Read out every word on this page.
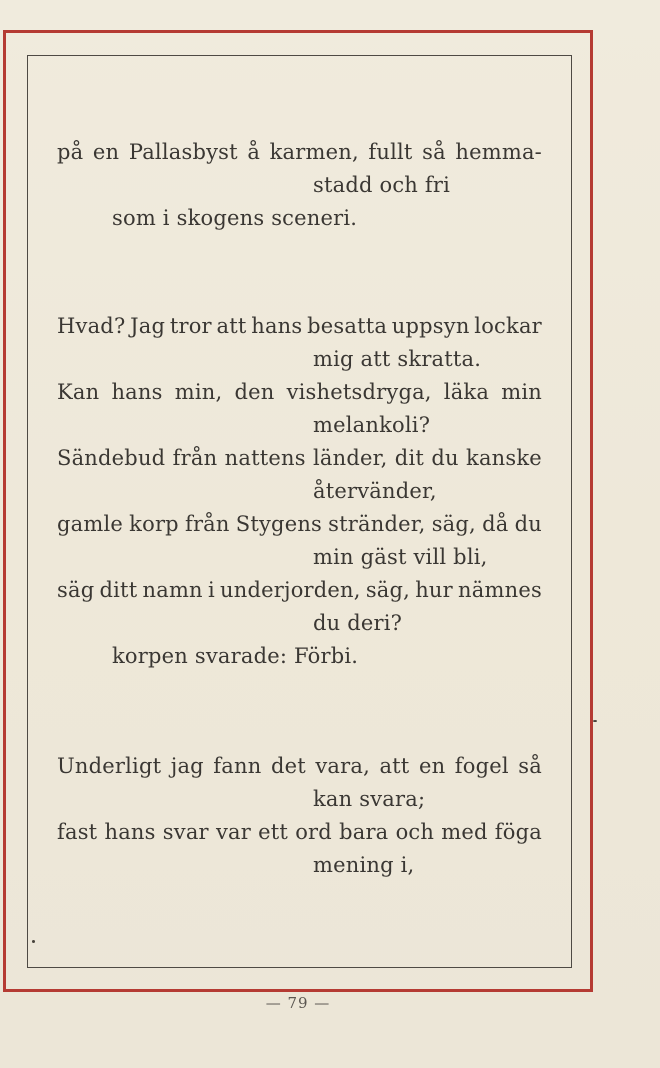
på en Pallasbyst å karmen, fullt så hemma-
stadd och fri
som i skogens sceneri.
Hvad? Jag tror att hans besatta uppsyn lockar
mig att skratta.
Kan hans min, den vishetsdryga, läka min
melankoli?
Sändebud från nattens länder, dit du kanske
återvänder,
gamle korp från Stygens stränder, säg, då du
min gäst vill bli,
säg ditt namn i underjorden, säg, hur nämnes
du deri?
korpen svarade: Förbi.
Underligt jag fann det vara, att en fogel så
kan svara;
fast hans svar var ett ord bara och med föga
mening i,
— 79 —
